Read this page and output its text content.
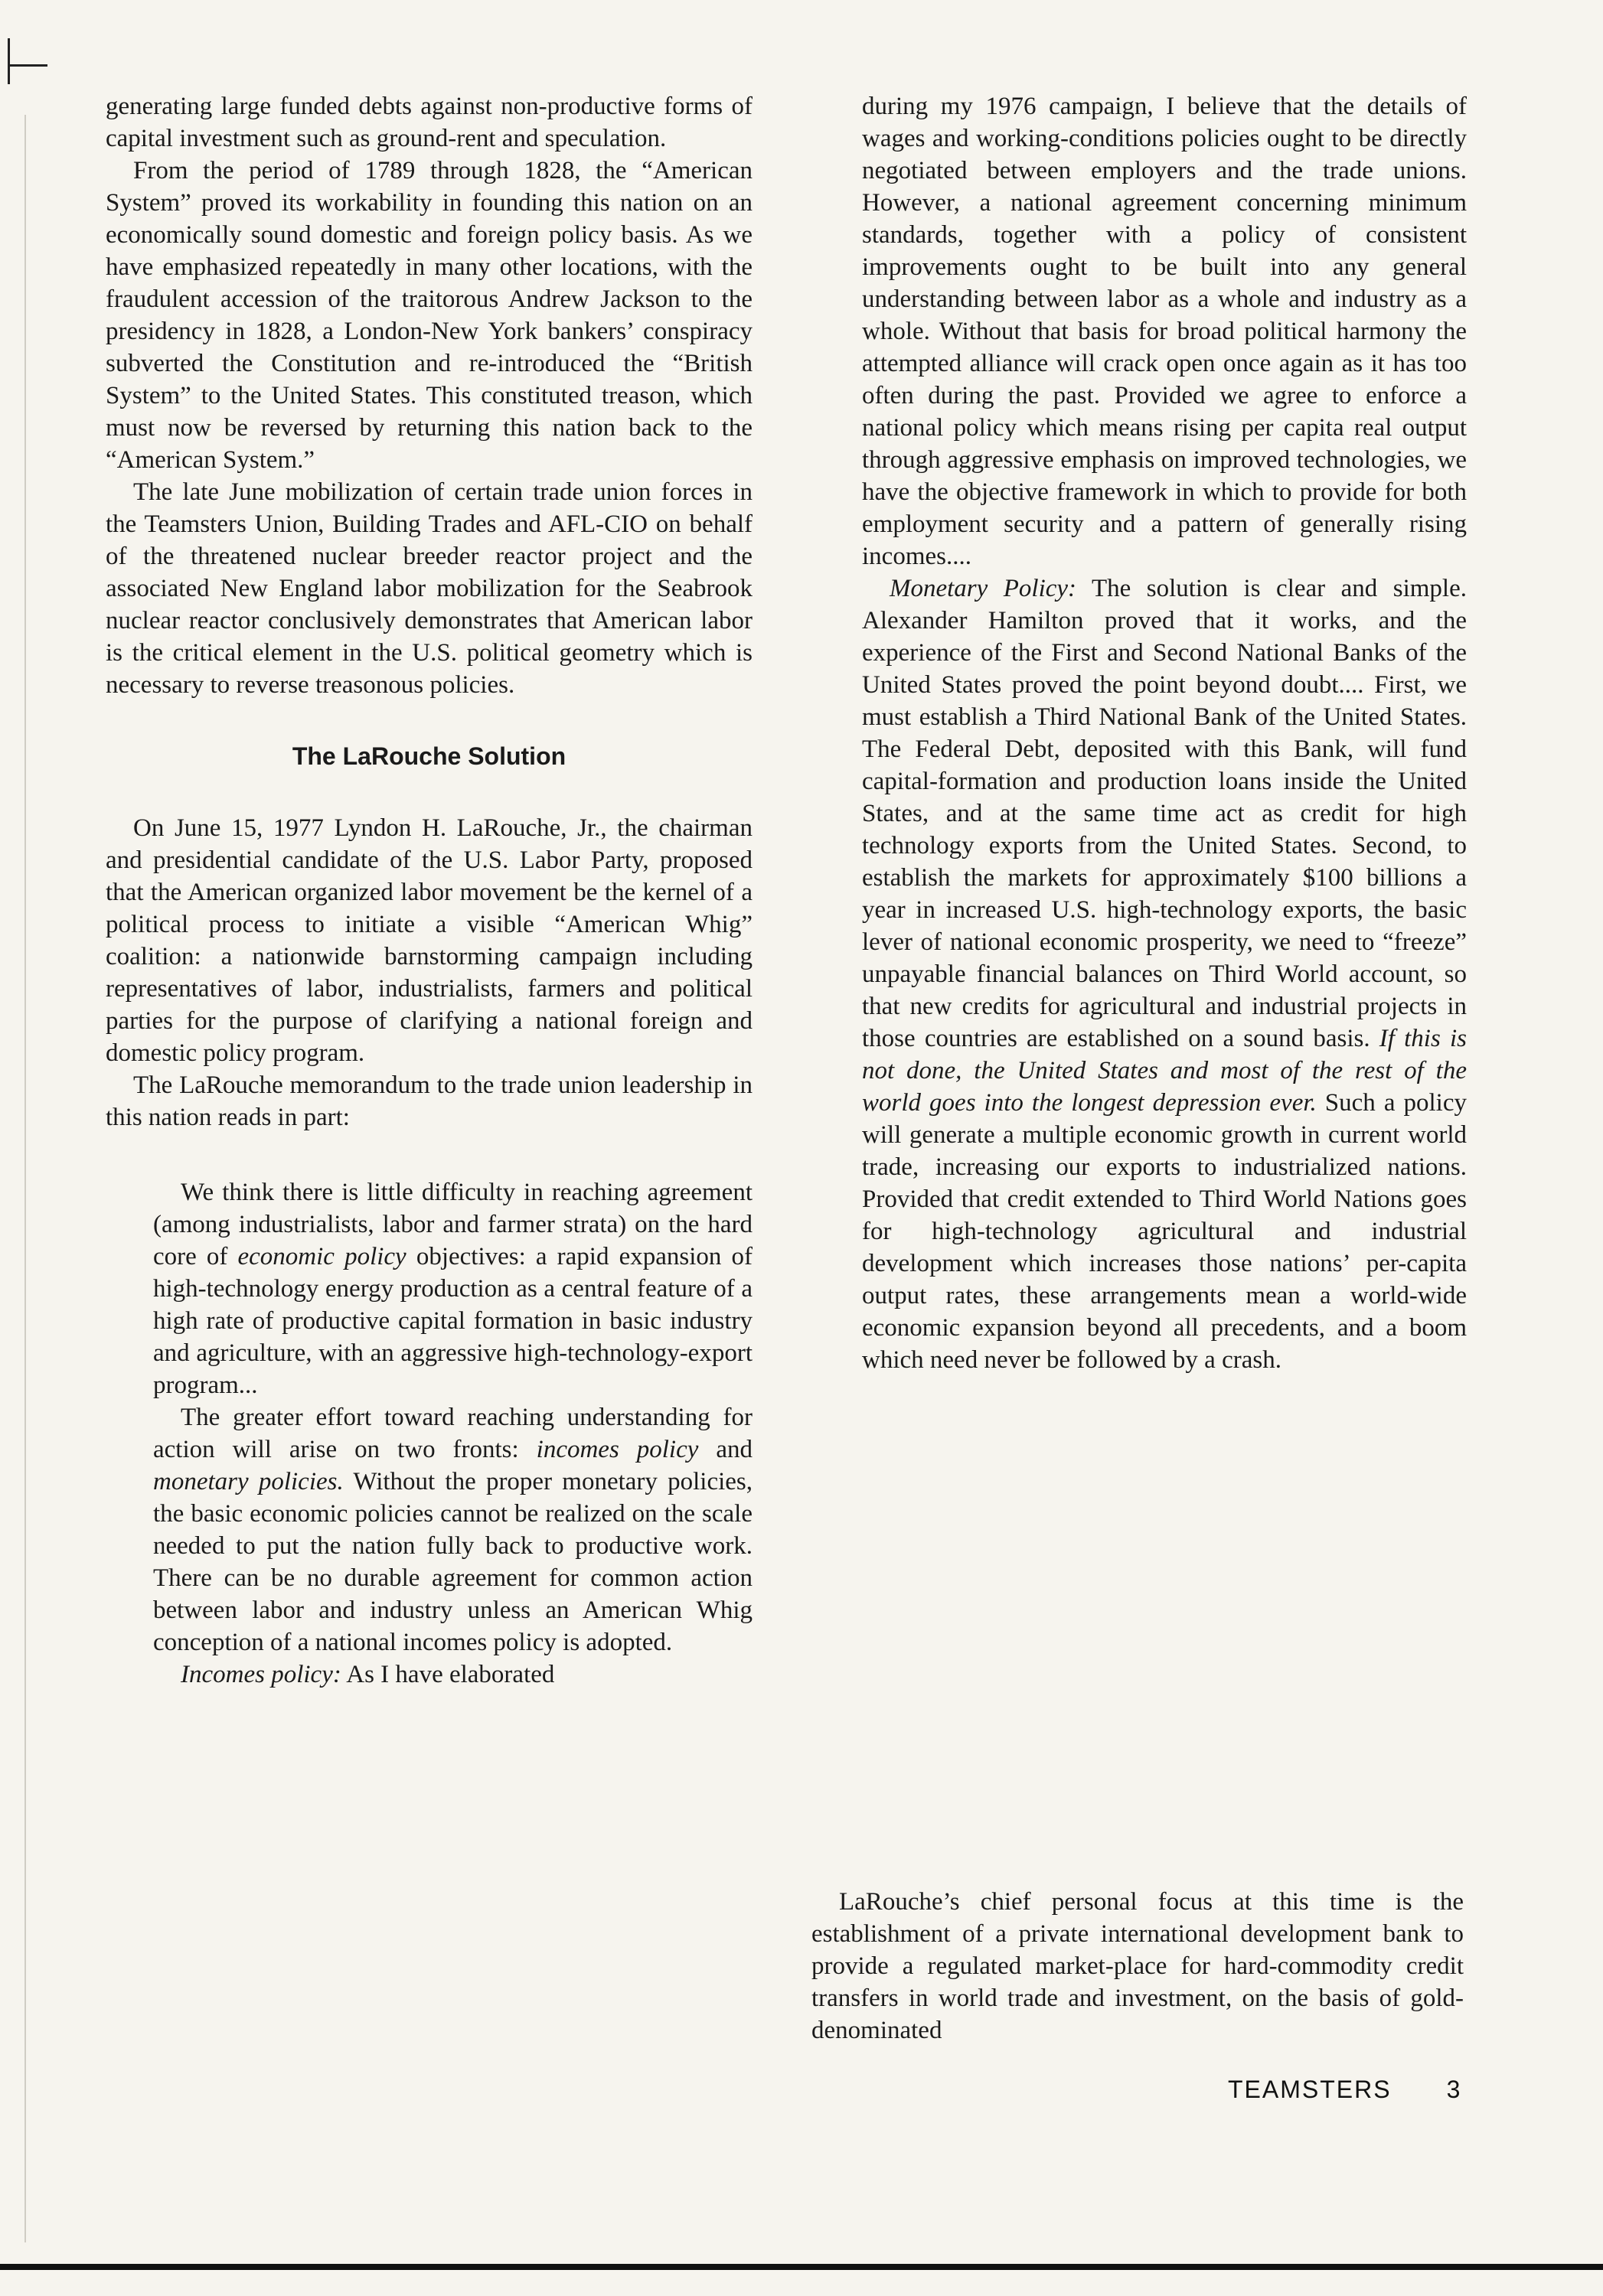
generating large funded debts against non-productive forms of capital investment such as ground-rent and speculation.

From the period of 1789 through 1828, the “American System” proved its workability in founding this nation on an economically sound domestic and foreign policy basis. As we have emphasized repeatedly in many other locations, with the fraudulent accession of the traitorous Andrew Jackson to the presidency in 1828, a London-New York bankers’ conspiracy subverted the Constitution and re-introduced the “British System” to the United States. This constituted treason, which must now be reversed by returning this nation back to the “American System.”

The late June mobilization of certain trade union forces in the Teamsters Union, Building Trades and AFL-CIO on behalf of the threatened nuclear breeder reactor project and the associated New England labor mobilization for the Seabrook nuclear reactor conclusively demonstrates that American labor is the critical element in the U.S. political geometry which is necessary to reverse treasonous policies.

The LaRouche Solution

On June 15, 1977 Lyndon H. LaRouche, Jr., the chairman and presidential candidate of the U.S. Labor Party, proposed that the American organized labor movement be the kernel of a political process to initiate a visible “American Whig” coalition: a nationwide barnstorming campaign including representatives of labor, industrialists, farmers and political parties for the purpose of clarifying a national foreign and domestic policy program.

The LaRouche memorandum to the trade union leadership in this nation reads in part:

We think there is little difficulty in reaching agreement (among industrialists, labor and farmer strata) on the hard core of economic policy objectives: a rapid expansion of high-technology energy production as a central feature of a high rate of productive capital formation in basic industry and agriculture, with an aggressive high-technology-export program...

The greater effort toward reaching understanding for action will arise on two fronts: incomes policy and monetary policies. Without the proper monetary policies, the basic economic policies cannot be realized on the scale needed to put the nation fully back to productive work. There can be no durable agreement for common action between labor and industry unless an American Whig conception of a national incomes policy is adopted.

Incomes policy: As I have elaborated

during my 1976 campaign, I believe that the details of wages and working-conditions policies ought to be directly negotiated between employers and the trade unions. However, a national agreement concerning minimum standards, together with a policy of consistent improvements ought to be built into any general understanding between labor as a whole and industry as a whole. Without that basis for broad political harmony the attempted alliance will crack open once again as it has too often during the past. Provided we agree to enforce a national policy which means rising per capita real output through aggressive emphasis on improved technologies, we have the objective framework in which to provide for both employment security and a pattern of generally rising incomes....

Monetary Policy: The solution is clear and simple. Alexander Hamilton proved that it works, and the experience of the First and Second National Banks of the United States proved the point beyond doubt.... First, we must establish a Third National Bank of the United States. The Federal Debt, deposited with this Bank, will fund capital-formation and production loans inside the United States, and at the same time act as credit for high technology exports from the United States. Second, to establish the markets for approximately $100 billions a year in increased U.S. high-technology exports, the basic lever of national economic prosperity, we need to “freeze” unpayable financial balances on Third World account, so that new credits for agricultural and industrial projects in those countries are established on a sound basis. If this is not done, the United States and most of the rest of the world goes into the longest depression ever. Such a policy will generate a multiple economic growth in current world trade, increasing our exports to industrialized nations. Provided that credit extended to Third World Nations goes for high-technology agricultural and industrial development which increases those nations’ per-capita output rates, these arrangements mean a world-wide economic expansion beyond all precedents, and a boom which need never be followed by a crash.

LaRouche’s chief personal focus at this time is the establishment of a private international development bank to provide a regulated market-place for hard-commodity credit transfers in world trade and investment, on the basis of gold-denominated

TEAMSTERS 3
